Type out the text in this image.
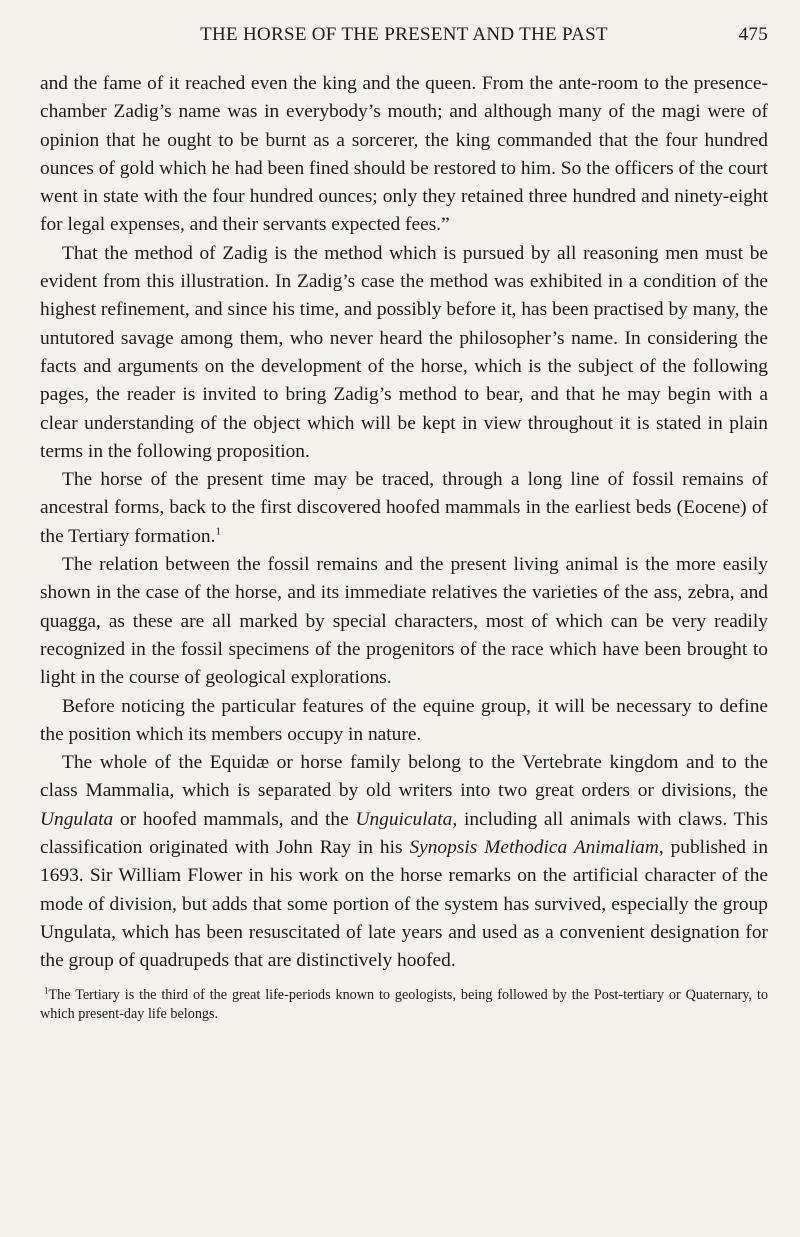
THE HORSE OF THE PRESENT AND THE PAST	475

and the fame of it reached even the king and the queen. From the ante-room to the presence-chamber Zadig’s name was in everybody’s mouth; and although many of the magi were of opinion that he ought to be burnt as a sorcerer, the king commanded that the four hundred ounces of gold which he had been fined should be restored to him. So the officers of the court went in state with the four hundred ounces; only they retained three hundred and ninety-eight for legal expenses, and their servants expected fees.”

That the method of Zadig is the method which is pursued by all reasoning men must be evident from this illustration. In Zadig’s case the method was exhibited in a condition of the highest refinement, and since his time, and possibly before it, has been practised by many, the untutored savage among them, who never heard the philosopher’s name. In considering the facts and arguments on the development of the horse, which is the subject of the following pages, the reader is invited to bring Zadig’s method to bear, and that he may begin with a clear understanding of the object which will be kept in view throughout it is stated in plain terms in the following proposition.

The horse of the present time may be traced, through a long line of fossil remains of ancestral forms, back to the first discovered hoofed mammals in the earliest beds (Eocene) of the Tertiary formation.$^1$

The relation between the fossil remains and the present living animal is the more easily shown in the case of the horse, and its immediate relatives the varieties of the ass, zebra, and quagga, as these are all marked by special characters, most of which can be very readily recognized in the fossil specimens of the progenitors of the race which have been brought to light in the course of geological explorations.

Before noticing the particular features of the equine group, it will be necessary to define the position which its members occupy in nature.

The whole of the Equidæ or horse family belong to the Vertebrate kingdom and to the class Mammalia, which is separated by old writers into two great orders or divisions, the Ungulata or hoofed mammals, and the Unguiculata, including all animals with claws. This classification originated with John Ray in his Synopsis Methodica Animaliam, published in 1693. Sir William Flower in his work on the horse remarks on the artificial character of the mode of division, but adds that some portion of the system has survived, especially the group Ungulata, which has been resuscitated of late years and used as a convenient designation for the group of quadrupeds that are distinctively hoofed.

$^1$The Tertiary is the third of the great life-periods known to geologists, being followed by the Post-tertiary or Quaternary, to which present-day life belongs.
